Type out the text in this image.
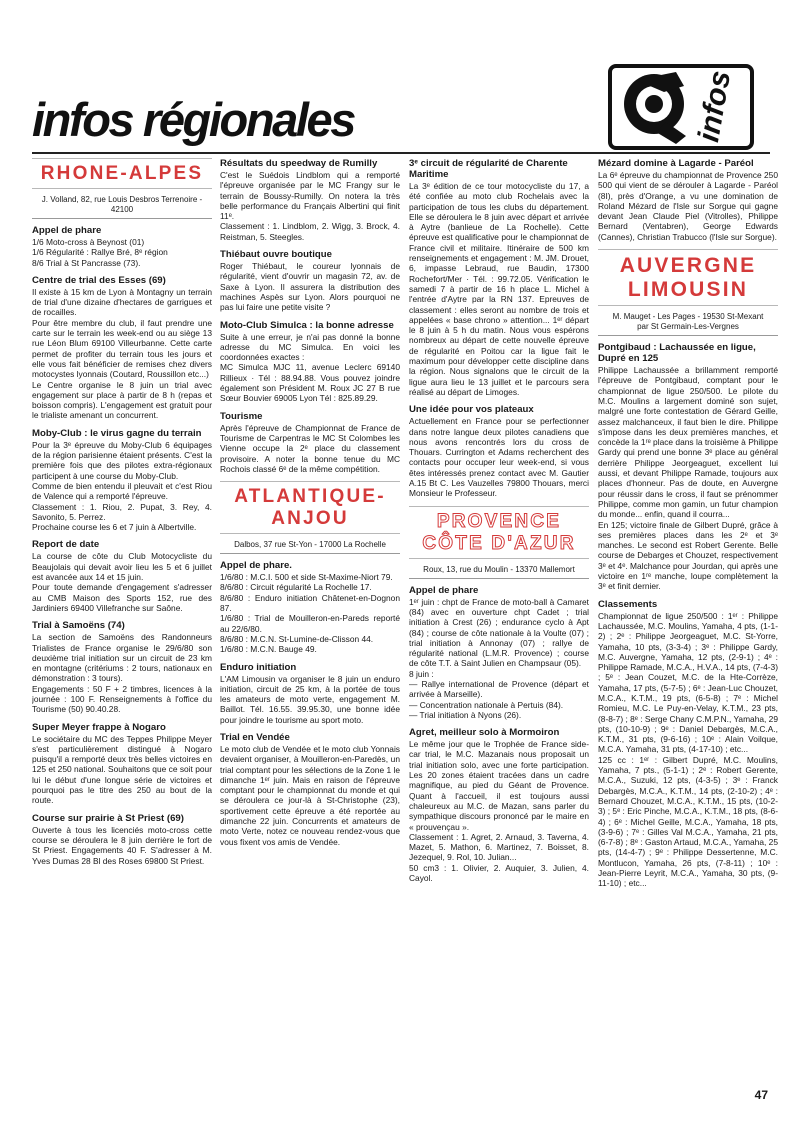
infos
infos régionales
RHONE-ALPES
J. Volland, 82, rue Louis Desbros Terrenoire - 42100
Appel de phare
1/6 Moto-cross à Beynost (01)
1/6 Régularité : Rallye Bré, 8ᵉ région
8/6 Trial à St Pancrasse (73).
Centre de trial des Esses (69)
Il existe à 15 km de Lyon à Montagny un terrain de trial d'une dizaine d'hectares de garrigues et de rocailles.
Pour être membre du club, il faut prendre une carte sur le terrain les week-end ou au siège 13 rue Léon Blum 69100 Villeurbanne. Cette carte permet de profiter du terrain tous les jours et elle vous fait bénéficier de remises chez divers motocystes lyonnais (Coutard, Roussillon etc...)
Le Centre organise le 8 juin un trial avec engagement sur place à partir de 8 h (repas et boisson compris). L'engagement est gratuit pour le trialiste amenant un concurrent.
Moby-Club : le virus gagne du terrain
Pour la 3ᵉ épreuve du Moby-Club 6 équipages de la région parisienne étaient présents. C'est la première fois que des pilotes extra-régionaux participent à une course du Moby-Club.
Comme de bien entendu il pleuvait et c'est Riou de Valence qui a remporté l'épreuve.
Classement : 1. Riou, 2. Pupat, 3. Rey, 4. Savonito, 5. Perrez.
Prochaine course les 6 et 7 juin à Albertville.
Report de date
La course de côte du Club Motocycliste du Beaujolais qui devait avoir lieu les 5 et 6 juillet est avancée aux 14 et 15 juin.
Pour toute demande d'engagement s'adresser au CMB Maison des Sports 152, rue des Jardiniers 69400 Villefranche sur Saône.
Trial à Samoëns (74)
La section de Samoëns des Randonneurs Trialistes de France organise le 29/6/80 son deuxième trial initiation sur un circuit de 23 km en montagne (critériums : 2 tours, nationaux en démonstration : 3 tours).
Engagements : 50 F + 2 timbres, licences à la journée : 100 F. Renseignements à l'office du Tourisme (50) 90.40.28.
Super Meyer frappe à Nogaro
Le sociétaire du MC des Teppes Philippe Meyer s'est particulièrement distingué à Nogaro puisqu'il a remporté deux très belles victoires en 125 et 250 national. Souhaitons que ce soit pour lui le début d'une longue série de victoires et pourquoi pas le titre des 250 au bout de la route.
Course sur prairie à St Priest (69)
Ouverte à tous les licenciés moto-cross cette course se déroulera le 8 juin derrière le fort de St Priest. Engagements 40 F. S'adresser à M. Yves Dumas 28 Bl des Roses 69800 St Priest.
Résultats du speedway de Rumilly
C'est le Suédois Lindblom qui a remporté l'épreuve organisée par le MC Frangy sur le terrain de Boussy-Rumilly. On notera la très belle performance du Français Albertini qui finit 11ᵉ.
Classement : 1. Lindblom, 2. Wigg, 3. Brock, 4. Reistman, 5. Steegles.
Thiébaut ouvre boutique
Roger Thiébaut, le coureur lyonnais de régularité, vient d'ouvrir un magasin 72, av. de Saxe à Lyon. Il assurera la distribution des machines Aspès sur Lyon. Alors pourquoi ne pas lui faire une petite visite ?
Moto-Club Simulca : la bonne adresse
Suite à une erreur, je n'ai pas donné la bonne adresse du MC Simulca. En voici les coordonnées exactes :
MC Simulca MJC 11, avenue Leclerc 69140 Rillieux · Tél : 88.94.88. Vous pouvez joindre également son Président M. Roux JC 27 B rue Sœur Bouvier 69005 Lyon Tél : 825.89.29.
Tourisme
Après l'épreuve de Championnat de France de Tourisme de Carpentras le MC St Colombes les Vienne occupe la 2ᵉ place du classement provisoire. A noter la bonne tenue du MC Rochois classé 6ᵉ de la même compétition.
ATLANTIQUE-ANJOU
Dalbos, 37 rue St-Yon - 17000 La Rochelle
Appel de phare.
1/6/80 : M.C.I. 500 et side St-Maxime-Niort 79.
8/6/80 : Circuit régularité La Rochelle 17.
8/6/80 : Enduro initiation Châtenet-en-Dognon 87.
1/6/80 : Trial de Mouilleron-en-Pareds reporté au 22/6/80.
8/6/80 : M.C.N. St-Lumine-de-Clisson 44.
1/6/80 : M.C.N. Bauge 49.
Enduro initiation
L'AM Limousin va organiser le 8 juin un enduro initiation, circuit de 25 km, à la portée de tous les amateurs de moto verte, engagement M. Baillot. Tél. 16.55. 39.95.30, une bonne idée pour joindre le tourisme au sport moto.
Trial en Vendée
Le moto club de Vendée et le moto club Yonnais devaient organiser, à Mouilleron-en-Paredès, un trial comptant pour les sélections de la Zone 1 le dimanche 1ᵉʳ juin. Mais en raison de l'épreuve comptant pour le championnat du monde et qui se déroulera ce jour-là à St-Christophe (23), sportivement cette épreuve a été reportée au dimanche 22 juin. Concurrents et amateurs de moto Verte, notez ce nouveau rendez-vous que vous fixent vos amis de Vendée.
3ᵉ circuit de régularité de Charente Maritime
La 3ᵉ édition de ce tour motocycliste du 17, a été confiée au moto club Rochelais avec la participation de tous les clubs du département. Elle se déroulera le 8 juin avec départ et arrivée à Aytre (banlieue de La Rochelle). Cette épreuve est qualificative pour le championnat de France civil et militaire. Itinéraire de 500 km renseignements et engagement : M. JM. Drouet, 6, impasse Lebraud, rue Baudin, 17300 Rochefort/Mer · Tél. : 99.72.05. Vérification le samedi 7 à partir de 16 h place L. Michel à l'entrée d'Aytre par la RN 137. Epreuves de classement : elles seront au nombre de trois et appelées « base chrono » attention... 1ᵉʳ départ le 8 juin à 5 h du matin. Nous vous espérons nombreux au départ de cette nouvelle épreuve de régularité en Poitou car la ligue fait le maximum pour développer cette discipline dans la région. Nous signalons que le circuit de la ligue aura lieu le 13 juillet et le parcours sera réalisé au départ de Limoges.
Une idée pour vos plateaux
Actuellement en France pour se perfectionner dans notre langue deux pilotes canadiens que nous avons rencontrés lors du cross de Thouars. Currington et Adams recherchent des contacts pour occuper leur week-end, si vous êtes intéressés prenez contact avec M. Gautier A.15 Bt C. Les Vauzelles 79800 Thouars, merci Monsieur le Professeur.
PROVENCE CÔTE D'AZUR
Roux, 13, rue du Moulin - 13370 Mallemort
Appel de phare
1ᵉʳ juin : chpt de France de moto-ball à Camaret (84) avec en ouverture chpt Cadet ; trial initiation à Crest (26) ; endurance cyclo à Apt (84) ; course de côte nationale à la Voulte (07) ; trial initiation à Annonay (07) ; rallye de régularité national (L.M.R. Provence) ; course de côte T.T. à Saint Julien en Champsaur (05).
8 juin :
— Rallye international de Provence (départ et arrivée à Marseille).
— Concentration nationale à Pertuis (84).
— Trial initiation à Nyons (26).
Agret, meilleur solo à Mormoiron
Le même jour que le Trophée de France side-car trial, le M.C. Mazanais nous proposait un trial initiation solo, avec une forte participation. Les 20 zones étaient tracées dans un cadre magnifique, au pied du Géant de Provence. Quant à l'accueil, il est toujours aussi chaleureux au M.C. de Mazan, sans parler du sympathique discours prononcé par le maire en « prouvençau ».
Classement : 1. Agret, 2. Arnaud, 3. Taverna, 4. Mazet, 5. Mathon, 6. Martinez, 7. Boisset, 8. Jezequel, 9. Rol, 10. Julian...
50 cm3 : 1. Olivier, 2. Auquier, 3. Julien, 4. Cayol.
Mézard domine à Lagarde - Paréol
La 6ᵉ épreuve du championnat de Provence 250 500 qui vient de se dérouler à Lagarde - Paréol (8I), près d'Orange, a vu une domination de Roland Mézard de l'Isle sur Sorgue qui gagne devant Jean Claude Piel (Vitrolles), Philippe Bernard (Ventabren), George Edwards (Cannes), Christian Trabucco (l'Isle sur Sorgue).
AUVERGNE LIMOUSIN
M. Mauget - Les Pages - 19530 St-Mexant par St Germain-Les-Vergnes
Pontgibaud : Lachaussée en ligue, Dupré en 125
Philippe Lachaussée a brillamment remporté l'épreuve de Pontgibaud, comptant pour le championnat de ligue 250/500. Le pilote du M.C. Moulins a largement dominé son sujet, malgré une forte contestation de Gérard Geille, assez malchanceux, il faut bien le dire. Philippe s'impose dans les deux premières manches, et concède la 1ʳᵉ place dans la troisième à Philippe Gardy qui prend une bonne 3ᵉ place au général derrière Philippe Jeorgeaguet, excellent lui aussi, et devant Philippe Ramade, toujours aux places d'honneur. Pas de doute, en Auvergne pour réussir dans le cross, il faut se prénommer Philippe, comme mon gamin, un futur champion du monde... enfin, quand il courra...
En 125; victoire finale de Gilbert Dupré, grâce à ses premières places dans les 2ᵉ et 3ᵉ manches. Le second est Robert Gerente. Belle course de Debarges et Chouzet, respectivement 3ᵉ et 4ᵉ. Malchance pour Jourdan, qui après une victoire en 1ʳᵉ manche, loupe complètement la 3ᵉ et finit dernier.
Classements
Championnat de ligue 250/500 : 1ᵉʳ : Philippe Lachaussée, M.C. Moulins, Yamaha, 4 pts, (1-1-2) ; 2ᵉ : Philippe Jeorgeaguet, M.C. St-Yorre, Yamaha, 10 pts, (3-3-4) ; 3ᵉ : Philippe Gardy, M.C. Auvergne, Yamaha, 12 pts, (2-9-1) ; 4ᵉ : Philippe Ramade, M.C.A., H.V.A., 14 pts, (7-4-3) ; 5ᵉ : Jean Couzet, M.C. de la Hte-Corrèze, Yamaha, 17 pts, (5-7-5) ; 6ᵉ : Jean-Luc Chouzet, M.C.A., K.T.M., 19 pts, (6-5-8) ; 7ᵉ : Michel Romieu, M.C. Le Puy-en-Velay, K.T.M., 23 pts, (8-8-7) ; 8ᵉ : Serge Chany C.M.P.N., Yamaha, 29 pts, (10-10-9) ; 9ᵉ : Daniel Debargès, M.C.A., K.T.M., 31 pts, (9-6-16) ; 10ᵉ : Alain Voilque, M.C.A. Yamaha, 31 pts, (4-17-10) ; etc...
125 cc : 1ᵉʳ : Gilbert Dupré, M.C. Moulins, Yamaha, 7 pts., (5-1-1) ; 2ᵉ : Robert Gerente, M.C.A., Suzuki, 12 pts, (4-3-5) ; 3ᵉ : Franck Debargès, M.C.A., K.T.M., 14 pts, (2-10-2) ; 4ᵉ : Bernard Chouzet, M.C.A., K.T.M., 15 pts, (10-2-3) ; 5ᵉ : Eric Pinche, M.C.A., K.T.M., 18 pts, (8-6-4) ; 6ᵉ : Michel Geille, M.C.A., Yamaha, 18 pts, (3-9-6) ; 7ᵉ : Gilles Val M.C.A., Yamaha, 21 pts, (6-7-8) ; 8ᵉ : Gaston Artaud, M.C.A., Yamaha, 25 pts, (14-4-7) ; 9ᵉ : Philippe Dessertenne, M.C. Montlucon, Yamaha, 26 pts, (7-8-11) ; 10ᵉ : Jean-Pierre Leyrit, M.C.A., Yamaha, 30 pts, (9-11-10) ; etc...
47
